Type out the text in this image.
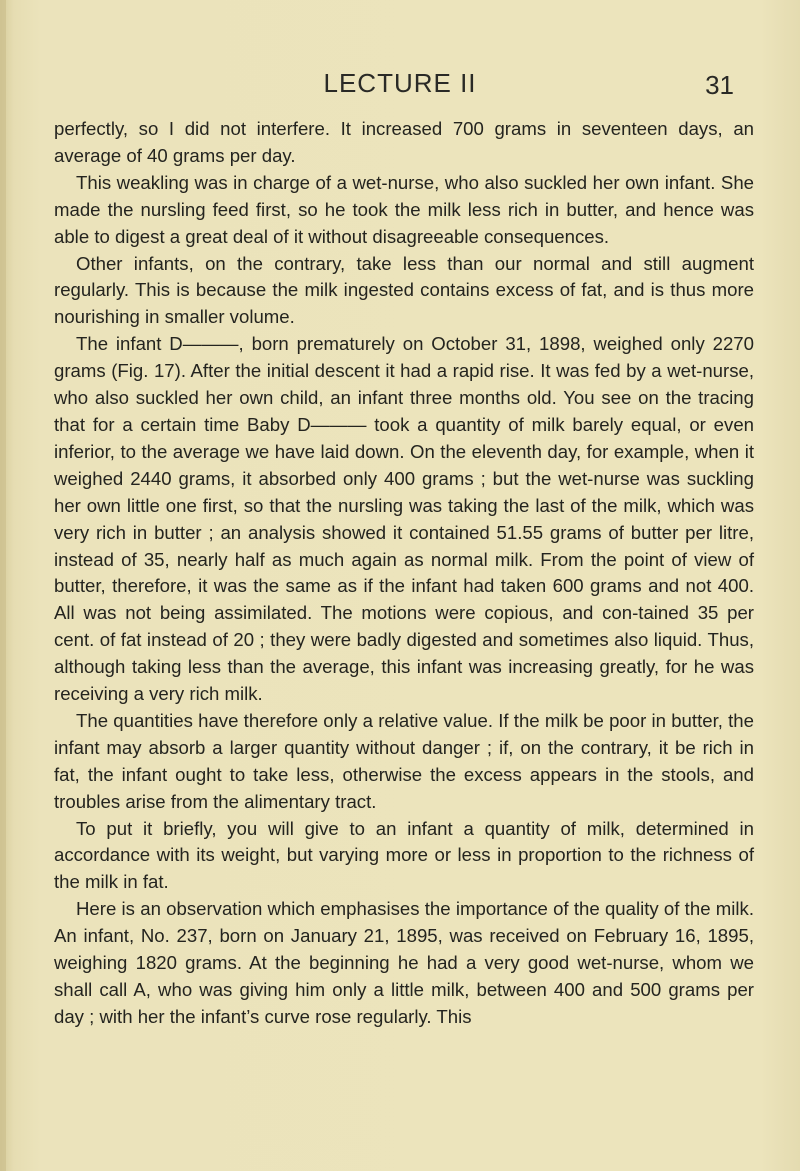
LECTURE II	31

perfectly, so I did not interfere. It increased 700 grams in seventeen days, an average of 40 grams per day.

This weakling was in charge of a wet-nurse, who also suckled her own infant. She made the nursling feed first, so he took the milk less rich in butter, and hence was able to digest a great deal of it without disagreeable consequences.

Other infants, on the contrary, take less than our normal and still augment regularly. This is because the milk ingested contains excess of fat, and is thus more nourishing in smaller volume.

The infant D———, born prematurely on October 31, 1898, weighed only 2270 grams (Fig. 17). After the initial descent it had a rapid rise. It was fed by a wet-nurse, who also suckled her own child, an infant three months old. You see on the tracing that for a certain time Baby D——— took a quantity of milk barely equal, or even inferior, to the average we have laid down. On the eleventh day, for example, when it weighed 2440 grams, it absorbed only 400 grams ; but the wet-nurse was suckling her own little one first, so that the nursling was taking the last of the milk, which was very rich in butter ; an analysis showed it contained 51.55 grams of butter per litre, instead of 35, nearly half as much again as normal milk. From the point of view of butter, therefore, it was the same as if the infant had taken 600 grams and not 400. All was not being assimilated. The motions were copious, and con-tained 35 per cent. of fat instead of 20 ; they were badly digested and sometimes also liquid. Thus, although taking less than the average, this infant was increasing greatly, for he was receiving a very rich milk.

The quantities have therefore only a relative value. If the milk be poor in butter, the infant may absorb a larger quantity without danger ; if, on the contrary, it be rich in fat, the infant ought to take less, otherwise the excess appears in the stools, and troubles arise from the alimentary tract.

To put it briefly, you will give to an infant a quantity of milk, determined in accordance with its weight, but varying more or less in proportion to the richness of the milk in fat.

Here is an observation which emphasises the importance of the quality of the milk. An infant, No. 237, born on January 21, 1895, was received on February 16, 1895, weighing 1820 grams. At the beginning he had a very good wet-nurse, whom we shall call A, who was giving him only a little milk, between 400 and 500 grams per day ; with her the infant’s curve rose regularly. This
